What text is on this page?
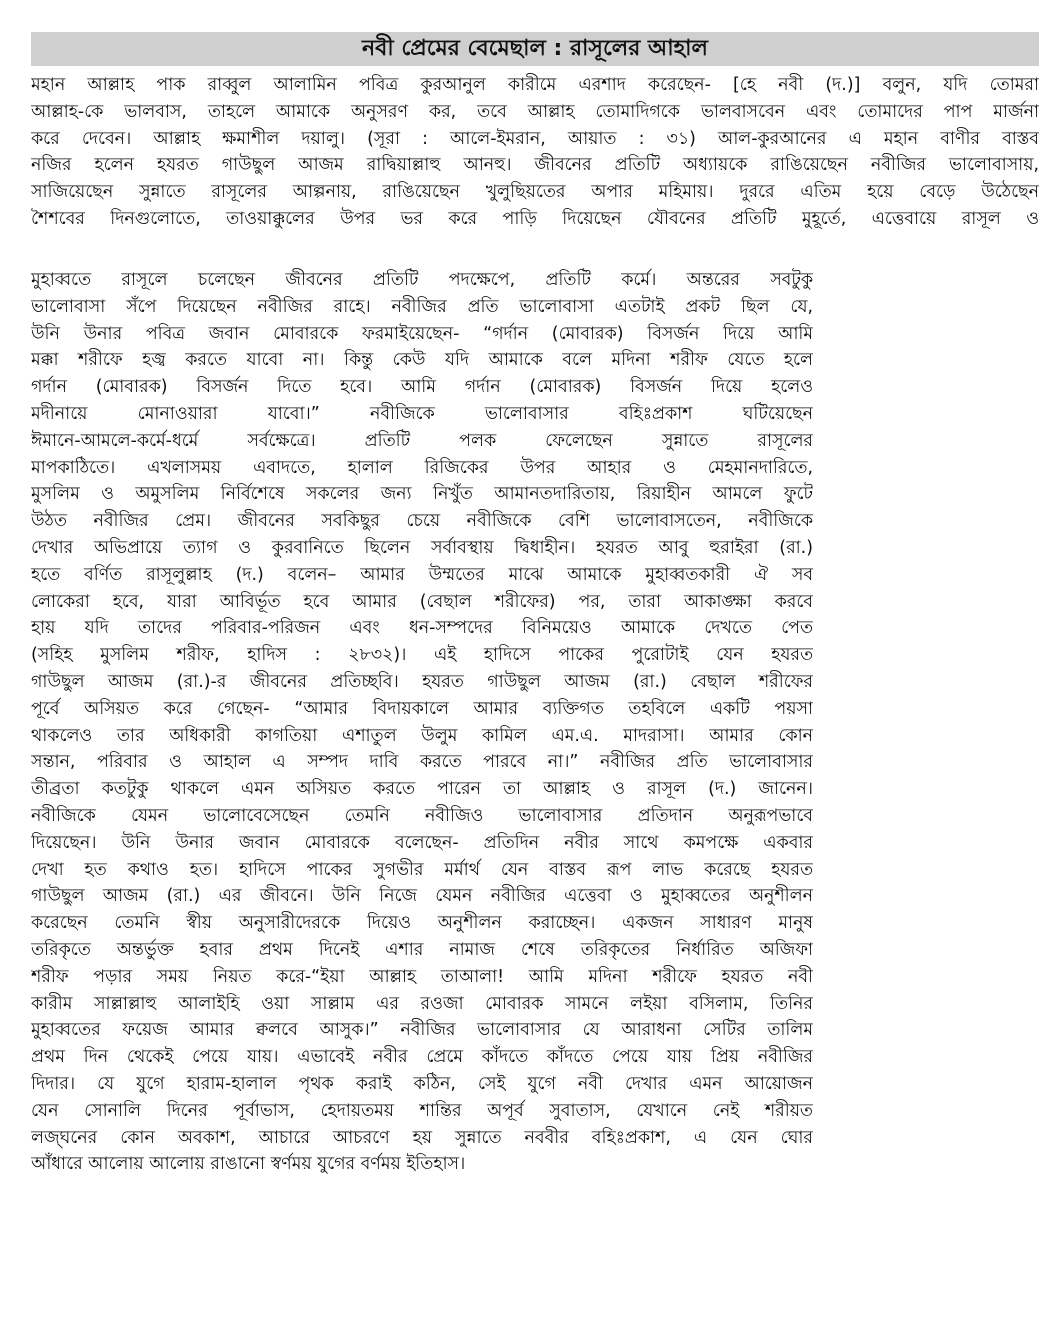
নবী প্রেমের বেমেছাল : রাসূলের আহাল
মহান আল্লাহ পাক রাব্বুল আলামিন পবিত্র কুরআনুল কারীমে এরশাদ করেছেন- [হে নবী (দ.)] বলুন, যদি তোমরা
আল্লাহ-কে ভালবাস, তাহলে আমাকে অনুসরণ কর, তবে আল্লাহ তোমাদিগকে ভালবাসবেন এবং তোমাদের পাপ মার্জনা
করে দেবেন। আল্লাহ ক্ষমাশীল দয়ালু। (সূরা : আলে-ইমরান, আয়াত : ৩১) আল-কুরআনের এ মহান বাণীর বাস্তব
নজির হলেন হযরত গাউছুল আজম রাদ্বিয়াল্লাহু আনহু। জীবনের প্রতিটি অধ্যায়কে রাঙিয়েছেন নবীজির ভালোবাসায়,
সাজিয়েছেন সুন্নাতে রাসূলের আল্পনায়, রাঙিয়েছেন খুলুছিয়তের অপার মহিমায়। দুররে এতিম হয়ে বেড়ে উঠেছেন
শৈশবের দিনগুলোতে, তাওয়াক্কুলের উপর ভর করে পাড়ি দিয়েছেন যৌবনের প্রতিটি মুহূর্তে, এত্তেবায়ে রাসূল ও
মুহাব্বতে রাসূলে চলেছেন জীবনের প্রতিটি পদক্ষেপে, প্রতিটি কর্মে। অন্তরের সবটুকু
ভালোবাসা সঁপে দিয়েছেন নবীজির রাহে। নবীজির প্রতি ভালোবাসা এতটাই প্রকট ছিল যে,
উনি উনার পবিত্র জবান মোবারকে ফরমাইয়েছেন- “গর্দান (মোবারক) বিসর্জন দিয়ে আমি
মক্কা শরীফে হজ্ব করতে যাবো না। কিন্তু কেউ যদি আমাকে বলে মদিনা শরীফ যেতে হলে
গর্দান (মোবারক) বিসর্জন দিতে হবে। আমি গর্দান (মোবারক) বিসর্জন দিয়ে হলেও
মদীনায়ে মোনাওয়ারা যাবো।” নবীজিকে ভালোবাসার বহিঃপ্রকাশ ঘটিয়েছেন
ঈমানে-আমলে-কর্মে-ধর্মে সর্বক্ষেত্রে। প্রতিটি পলক ফেলেছেন সুন্নাতে রাসূলের
মাপকাঠিতে। এখলাসময় এবাদতে, হালাল রিজিকের উপর আহার ও মেহমানদারিতে,
মুসলিম ও অমুসলিম নির্বিশেষে সকলের জন্য নিখুঁত আমানতদারিতায়, রিয়াহীন আমলে ফুটে
উঠত নবীজির প্রেম। জীবনের সবকিছুর চেয়ে নবীজিকে বেশি ভালোবাসতেন, নবীজিকে
দেখার অভিপ্রায়ে ত্যাগ ও কুরবানিতে ছিলেন সর্বাবস্থায় দ্বিধাহীন। হযরত আবু হুরাইরা (রা.)
হতে বর্ণিত রাসূলুল্লাহ (দ.) বলেন– আমার উম্মতের মাঝে আমাকে মুহাব্বতকারী ঐ সব
লোকেরা হবে, যারা আবির্ভূত হবে আমার (বেছাল শরীফের) পর, তারা আকাঙ্ক্ষা করবে
হায় যদি তাদের পরিবার-পরিজন এবং ধন-সম্পদের বিনিময়েও আমাকে দেখতে পেত
(সহিহ মুসলিম শরীফ, হাদিস : ২৮৩২)। এই হাদিসে পাকের পুরোটাই যেন হযরত
গাউছুল আজম (রা.)-র জীবনের প্রতিচ্ছবি। হযরত গাউছুল আজম (রা.) বেছাল শরীফের
পূর্বে অসিয়ত করে গেছেন- “আমার বিদায়কালে আমার ব্যক্তিগত তহবিলে একটি পয়সা
থাকলেও তার অধিকারী কাগতিয়া এশাতুল উলুম কামিল এম.এ. মাদরাসা। আমার কোন
সন্তান, পরিবার ও আহাল এ সম্পদ দাবি করতে পারবে না।” নবীজির প্রতি ভালোবাসার
তীব্রতা কতটুকু থাকলে এমন অসিয়ত করতে পারেন তা আল্লাহ ও রাসূল (দ.) জানেন।
নবীজিকে যেমন ভালোবেসেছেন তেমনি নবীজিও ভালোবাসার প্রতিদান অনুরূপভাবে
দিয়েছেন। উনি উনার জবান মোবারকে বলেছেন- প্রতিদিন নবীর সাথে কমপক্ষে একবার
দেখা হত কথাও হত। হাদিসে পাকের সুগভীর মর্মার্থ যেন বাস্তব রূপ লাভ করেছে হযরত
গাউছুল আজম (রা.) এর জীবনে। উনি নিজে যেমন নবীজির এত্তেবা ও মুহাব্বতের অনুশীলন
করেছেন তেমনি স্বীয় অনুসারীদেরকে দিয়েও অনুশীলন করাচ্ছেন। একজন সাধারণ মানুষ
তরিকৃতে অন্তর্ভুক্ত হবার প্রথম দিনেই এশার নামাজ শেষে তরিকৃতের নির্ধারিত অজিফা
শরীফ পড়ার সময় নিয়ত করে-“ইয়া আল্লাহ তাআলা! আমি মদিনা শরীফে হযরত নবী
কারীম সাল্লাল্লাহু আলাইহি ওয়া সাল্লাম এর রওজা মোবারক সামনে লইয়া বসিলাম, তিনির
মুহাব্বতের ফয়েজ আমার ক্বলবে আসুক।” নবীজির ভালোবাসার যে আরাধনা সেটির তালিম
প্রথম দিন থেকেই পেয়ে যায়। এভাবেই নবীর প্রেমে কাঁদতে কাঁদতে পেয়ে যায় প্রিয় নবীজির
দিদার। যে যুগে হারাম-হালাল পৃথক করাই কঠিন, সেই যুগে নবী দেখার এমন আয়োজন
যেন সোনালি দিনের পূর্বাভাস, হেদায়তময় শান্তির অপূর্ব সুবাতাস, যেখানে নেই শরীয়ত
লজ্ঘনের কোন অবকাশ, আচারে আচরণে হয় সুন্নাতে নববীর বহিঃপ্রকাশ, এ যেন ঘোর
আঁধারে আলোয় আলোয় রাঙানো স্বর্ণময় যুগের বর্ণময় ইতিহাস।
